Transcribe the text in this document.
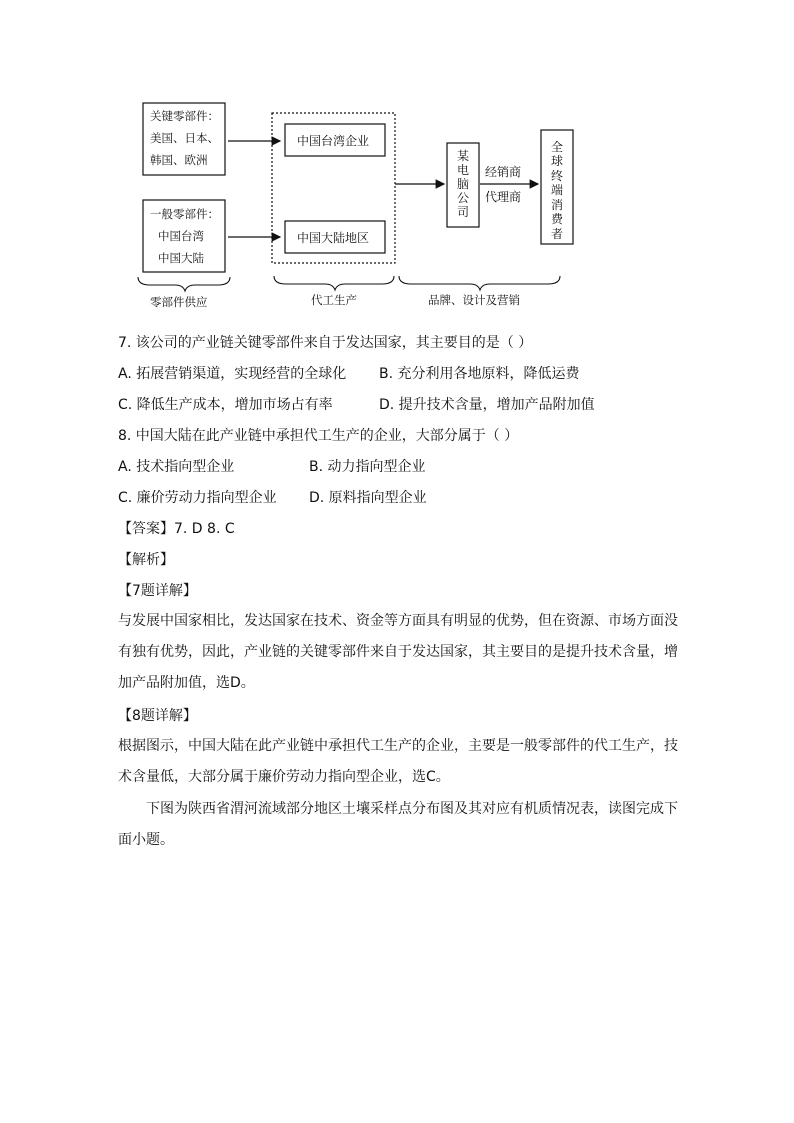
关键零部件：
美国、日本、
韩国、欧洲
一般零部件：
中国台湾
中国大陆
中国台湾企业
中国大陆地区
某
电
脑
公
司
经销商
代理商
全
球
终
端
消
费
者
零部件供应	代工生产	品牌、设计及营销
7. 该公司的产业链关键零部件来自于发达国家，其主要目的是（ ）
A. 拓展营销渠道，实现经营的全球化 B. 充分利用各地原料，降低运费
C. 降低生产成本，增加市场占有率	D. 提升技术含量，增加产品附加值
8. 中国大陆在此产业链中承担代工生产的企业，大部分属于（ ）
A. 技术指向型企业	B. 动力指向型企业
C. 廉价劳动力指向型企业 D. 原料指向型企业
【答案】7. D 8. C
【解析】
【7题详解】
与发展中国家相比，发达国家在技术、资金等方面具有明显的优势，但在资源、市场方面没有独有优势，因此，产业链的关键零部件来自于发达国家，其主要目的是提升技术含量，增加产品附加值，选D。
【8题详解】
根据图示，中国大陆在此产业链中承担代工生产的企业，主要是一般零部件的代工生产，技术含量低，大部分属于廉价劳动力指向型企业，选C。
下图为陕西省渭河流域部分地区土壤采样点分布图及其对应有机质情况表，读图完成下面小题。
